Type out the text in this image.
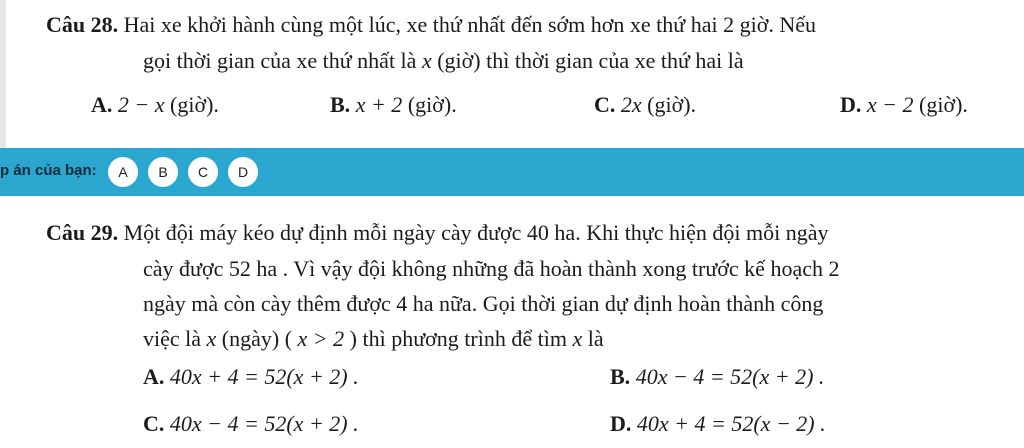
Câu 28. Hai xe khởi hành cùng một lúc, xe thứ nhất đến sớm hơn xe thứ hai 2 giờ. Nếu
gọi thời gian của xe thứ nhất là x (giờ) thì thời gian của xe thứ hai là
A. 2 − x (giờ).	B. x + 2 (giờ).	C. 2x (giờ).	D. x − 2 (giờ).
p án của bạn:	A	B	C	D
Câu 29. Một đội máy kéo dự định mỗi ngày cày được 40 ha. Khi thực hiện đội mỗi ngày
cày được 52 ha . Vì vậy đội không những đã hoàn thành xong trước kế hoạch 2
ngày mà còn cày thêm được 4 ha nữa. Gọi thời gian dự định hoàn thành công
việc là x (ngày) ( x > 2 ) thì phương trình để tìm x là
A. 40x + 4 = 52(x + 2) .	B. 40x − 4 = 52(x + 2) .
C. 40x − 4 = 52(x + 2) .	D. 40x + 4 = 52(x − 2) .
